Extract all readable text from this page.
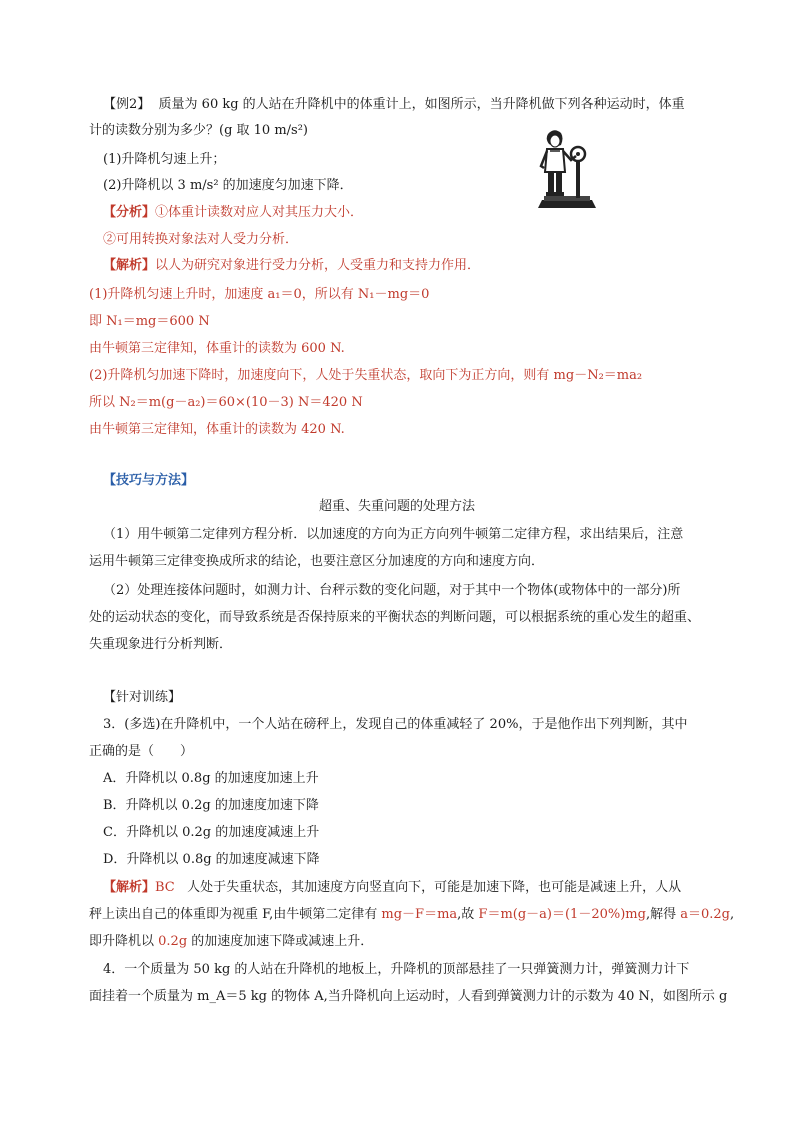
【例2】 质量为 60 kg 的人站在升降机中的体重计上，如图所示，当升降机做下列各种运动时，体重
计的读数分别为多少？(g 取 10 m/s²)
(1)升降机匀速上升；
(2)升降机以 3 m/s² 的加速度匀加速下降．
【分析】①体重计读数对应人对其压力大小．
②可用转换对象法对人受力分析．
【解析】以人为研究对象进行受力分析，人受重力和支持力作用．
(1)升降机匀速上升时，加速度 a₁＝0，所以有 N₁－mg＝0
即 N₁＝mg＝600 N
由牛顿第三定律知，体重计的读数为 600 N.
(2)升降机匀加速下降时，加速度向下，人处于失重状态，取向下为正方向，则有 mg－N₂＝ma₂
所以 N₂＝m(g－a₂)＝60×(10－3) N＝420 N
由牛顿第三定律知，体重计的读数为 420 N.
【技巧与方法】
超重、失重问题的处理方法
（1）用牛顿第二定律列方程分析．以加速度的方向为正方向列牛顿第二定律方程，求出结果后，注意
运用牛顿第三定律变换成所求的结论，也要注意区分加速度的方向和速度方向．
（2）处理连接体问题时，如测力计、台秤示数的变化问题，对于其中一个物体(或物体中的一部分)所
处的运动状态的变化，而导致系统是否保持原来的平衡状态的判断问题，可以根据系统的重心发生的超重、
失重现象进行分析判断．
【针对训练】
3．(多选)在升降机中，一个人站在磅秤上，发现自己的体重减轻了 20%，于是他作出下列判断，其中
正确的是（　　）
A．升降机以 0.8g 的加速度加速上升
B．升降机以 0.2g 的加速度加速下降
C．升降机以 0.2g 的加速度减速上升
D．升降机以 0.8g 的加速度减速下降
【解析】BC 人处于失重状态，其加速度方向竖直向下，可能是加速下降，也可能是减速上升，人从
秤上读出自己的体重即为视重 F,由牛顿第二定律有 mg－F＝ma,故 F＝m(g－a)＝(1－20%)mg,解得 a＝0.2g,
即升降机以 0.2g 的加速度加速下降或减速上升．
4．一个质量为 50 kg 的人站在升降机的地板上，升降机的顶部悬挂了一只弹簧测力计，弹簧测力计下
面挂着一个质量为 m_A＝5 kg 的物体 A,当升降机向上运动时，人看到弹簧测力计的示数为 40 N，如图所示 g
